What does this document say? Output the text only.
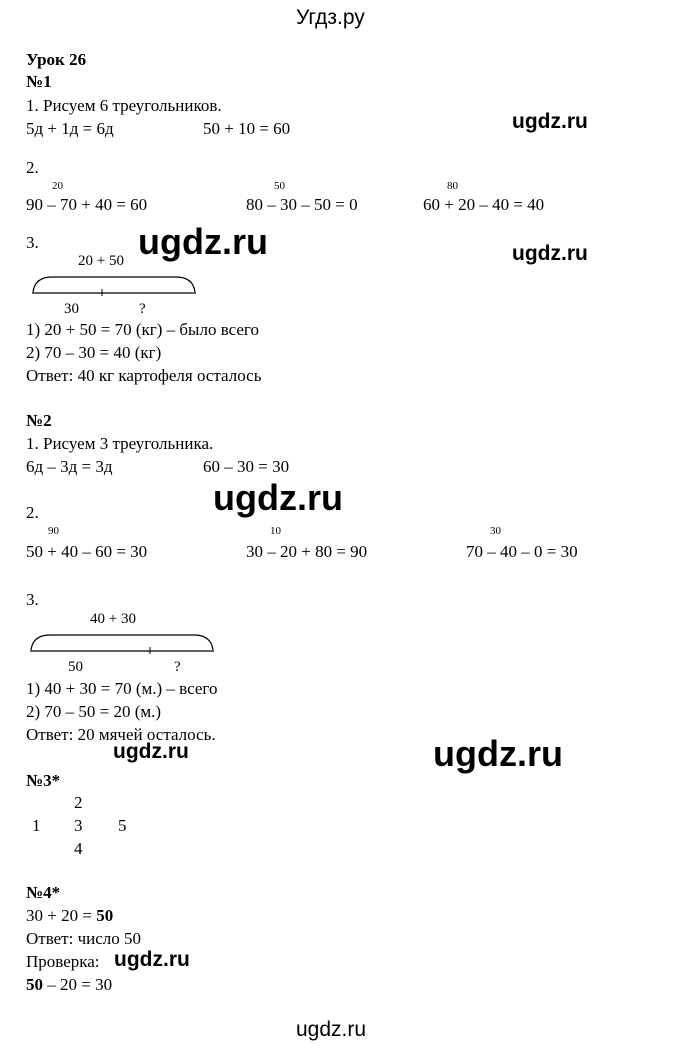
Угдз.ру
ugdz.ru
ugdz.ru
ugdz.ru	ugdz.ru
ugdz.ru
ugdz.ru	ugdz.ru
ugdz.ru
Урок 26
№1
1. Рисуем 6 треугольников.
5д + 1д = 6д	50 + 10 = 60
2.
20
90 – 70 + 40 = 60
50
80 – 30 – 50 = 0
80
60 + 20 – 40 = 40
3.
20 + 50
30	?
1) 20 + 50 = 70 (кг) – было всего
2) 70 – 30 = 40 (кг)
Ответ: 40 кг картофеля осталось
№2
1. Рисуем 3 треугольника.
6д – 3д = 3д	60 – 30 = 30
2.
90
50 + 40 – 60 = 30
10
30 – 20 + 80 = 90
30
70 – 40 – 0 = 30
3.
40 + 30
50	?
1) 40 + 30 = 70 (м.) – всего
2) 70 – 50 = 20 (м.)
Ответ: 20 мячей осталось.
№3*
2
1 3 5
4
№4*
30 + 20 = 50
Ответ: число 50
Проверка:
50 – 20 = 30
